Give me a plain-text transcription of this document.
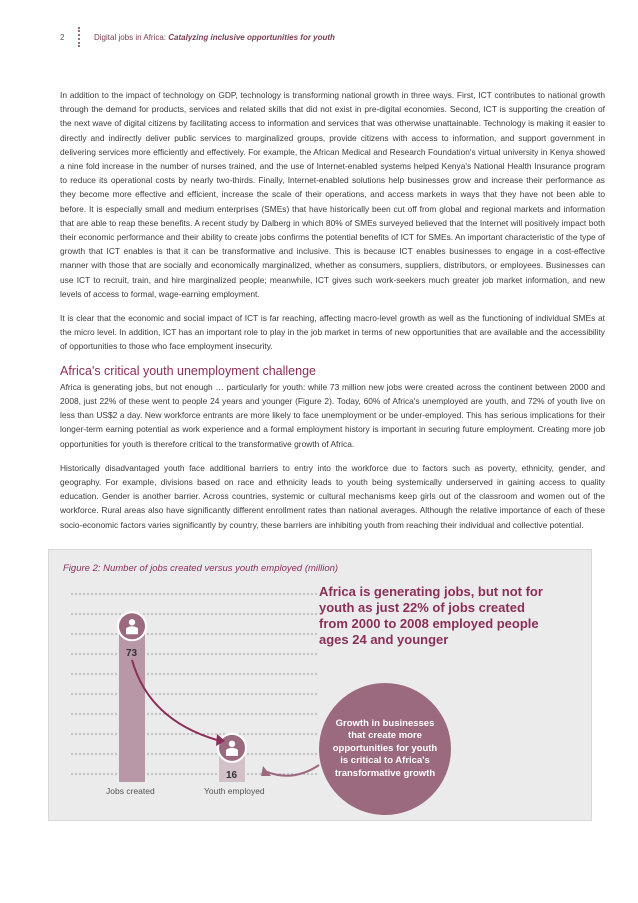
2	Digital jobs in Africa: Catalyzing inclusive opportunities for youth

In addition to the impact of technology on GDP, technology is transforming national growth in three ways. First, ICT contributes to national growth through the demand for products, services and related skills that did not exist in pre-digital economies. Second, ICT is supporting the creation of the next wave of digital citizens by facilitating access to information and services that was otherwise unattainable. Technology is making it easier to directly and indirectly deliver public services to marginalized groups, provide citizens with access to information, and support government in delivering services more efficiently and effectively. For example, the African Medical and Research Foundation's virtual university in Kenya showed a nine fold increase in the number of nurses trained, and the use of Internet-enabled systems helped Kenya's National Health Insurance program to reduce its operational costs by nearly two-thirds. Finally, Internet-enabled solutions help businesses grow and increase their performance as they become more effective and efficient, increase the scale of their operations, and access markets in ways that they have not been able to before. It is especially small and medium enterprises (SMEs) that have historically been cut off from global and regional markets and information that are able to reap these benefits. A recent study by Dalberg in which 80% of SMEs surveyed believed that the Internet will positively impact both their economic performance and their ability to create jobs confirms the potential benefits of ICT for SMEs. An important characteristic of the type of growth that ICT enables is that it can be transformative and inclusive. This is because ICT enables businesses to engage in a cost-effective manner with those that are socially and economically marginalized, whether as consumers, suppliers, distributors, or employees. Businesses can use ICT to recruit, train, and hire marginalized people; meanwhile, ICT gives such work-seekers much greater job market information, and new levels of access to formal, wage-earning employment.

It is clear that the economic and social impact of ICT is far reaching, affecting macro-level growth as well as the functioning of individual SMEs at the micro level. In addition, ICT has an important role to play in the job market in terms of new opportunities that are available and the accessibility of opportunities to those who face employment insecurity.

Africa's critical youth unemployment challenge

Africa is generating jobs, but not enough … particularly for youth: while 73 million new jobs were created across the continent between 2000 and 2008, just 22% of these went to people 24 years and younger (Figure 2). Today, 60% of Africa's unemployed are youth, and 72% of youth live on less than US$2 a day. New workforce entrants are more likely to face unemployment or be under-employed. This has serious implications for their longer-term earning potential as work experience and a formal employment history is important in securing future employment. Creating more job opportunities for youth is therefore critical to the transformative growth of Africa.

Historically disadvantaged youth face additional barriers to entry into the workforce due to factors such as poverty, ethnicity, gender, and geography. For example, divisions based on race and ethnicity leads to youth being systemically underserved in gaining access to quality education. Gender is another barrier. Across countries, systemic or cultural mechanisms keep girls out of the classroom and women out of the workforce. Rural areas also have significantly different enrollment rates than national averages. Although the relative importance of each of these socio-economic factors varies significantly by country, these barriers are inhibiting youth from reaching their individual and collective potential.

Figure 2: Number of jobs created versus youth employed (million)
73
16
Jobs created	Youth employed
Africa is generating jobs, but not for youth as just 22% of jobs created from 2000 to 2008 employed people ages 24 and younger
Growth in businesses that create more opportunities for youth is critical to Africa's transformative growth
